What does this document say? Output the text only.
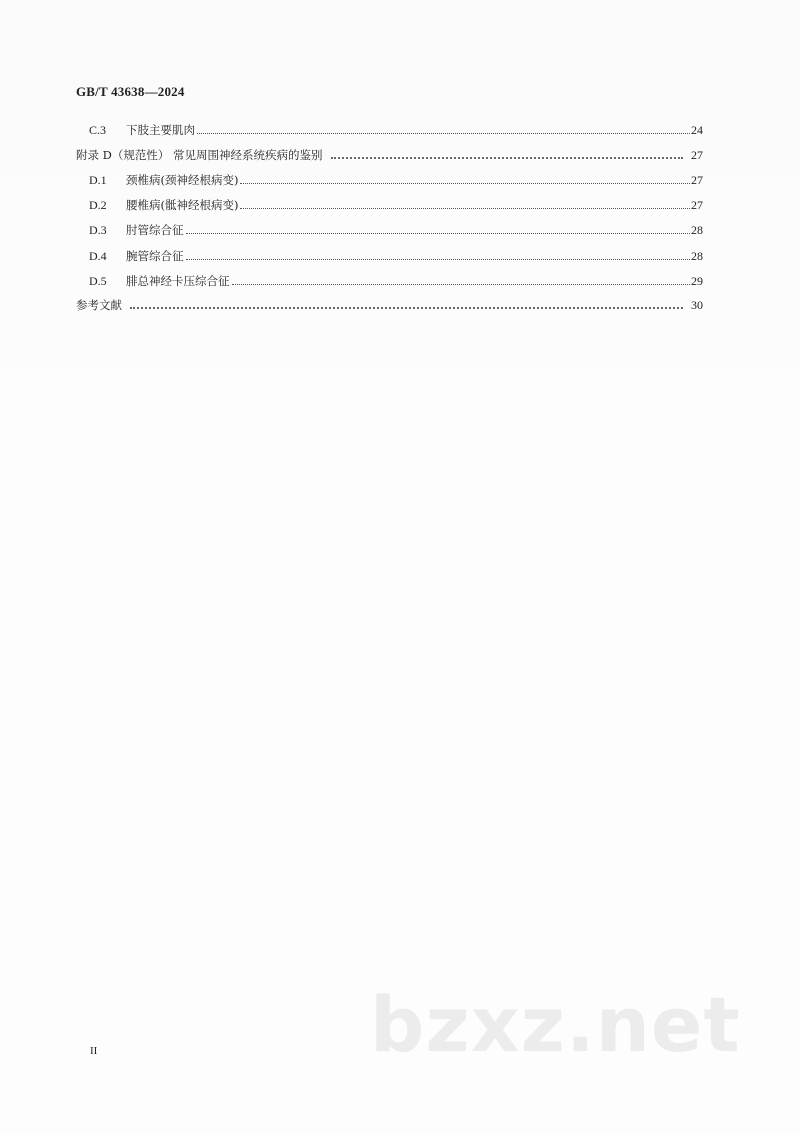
GB/T 43638—2024
C.3	下肢主要肌肉	24
附录 D（规范性） 常见周围神经系统疾病的鉴别	27
D.1	颈椎病(颈神经根病变)	27
D.2	腰椎病(骶神经根病变)	27
D.3	肘管综合征	28
D.4	腕管综合征	28
D.5	腓总神经卡压综合征	29
参考文献	30
II	bzxz.net
